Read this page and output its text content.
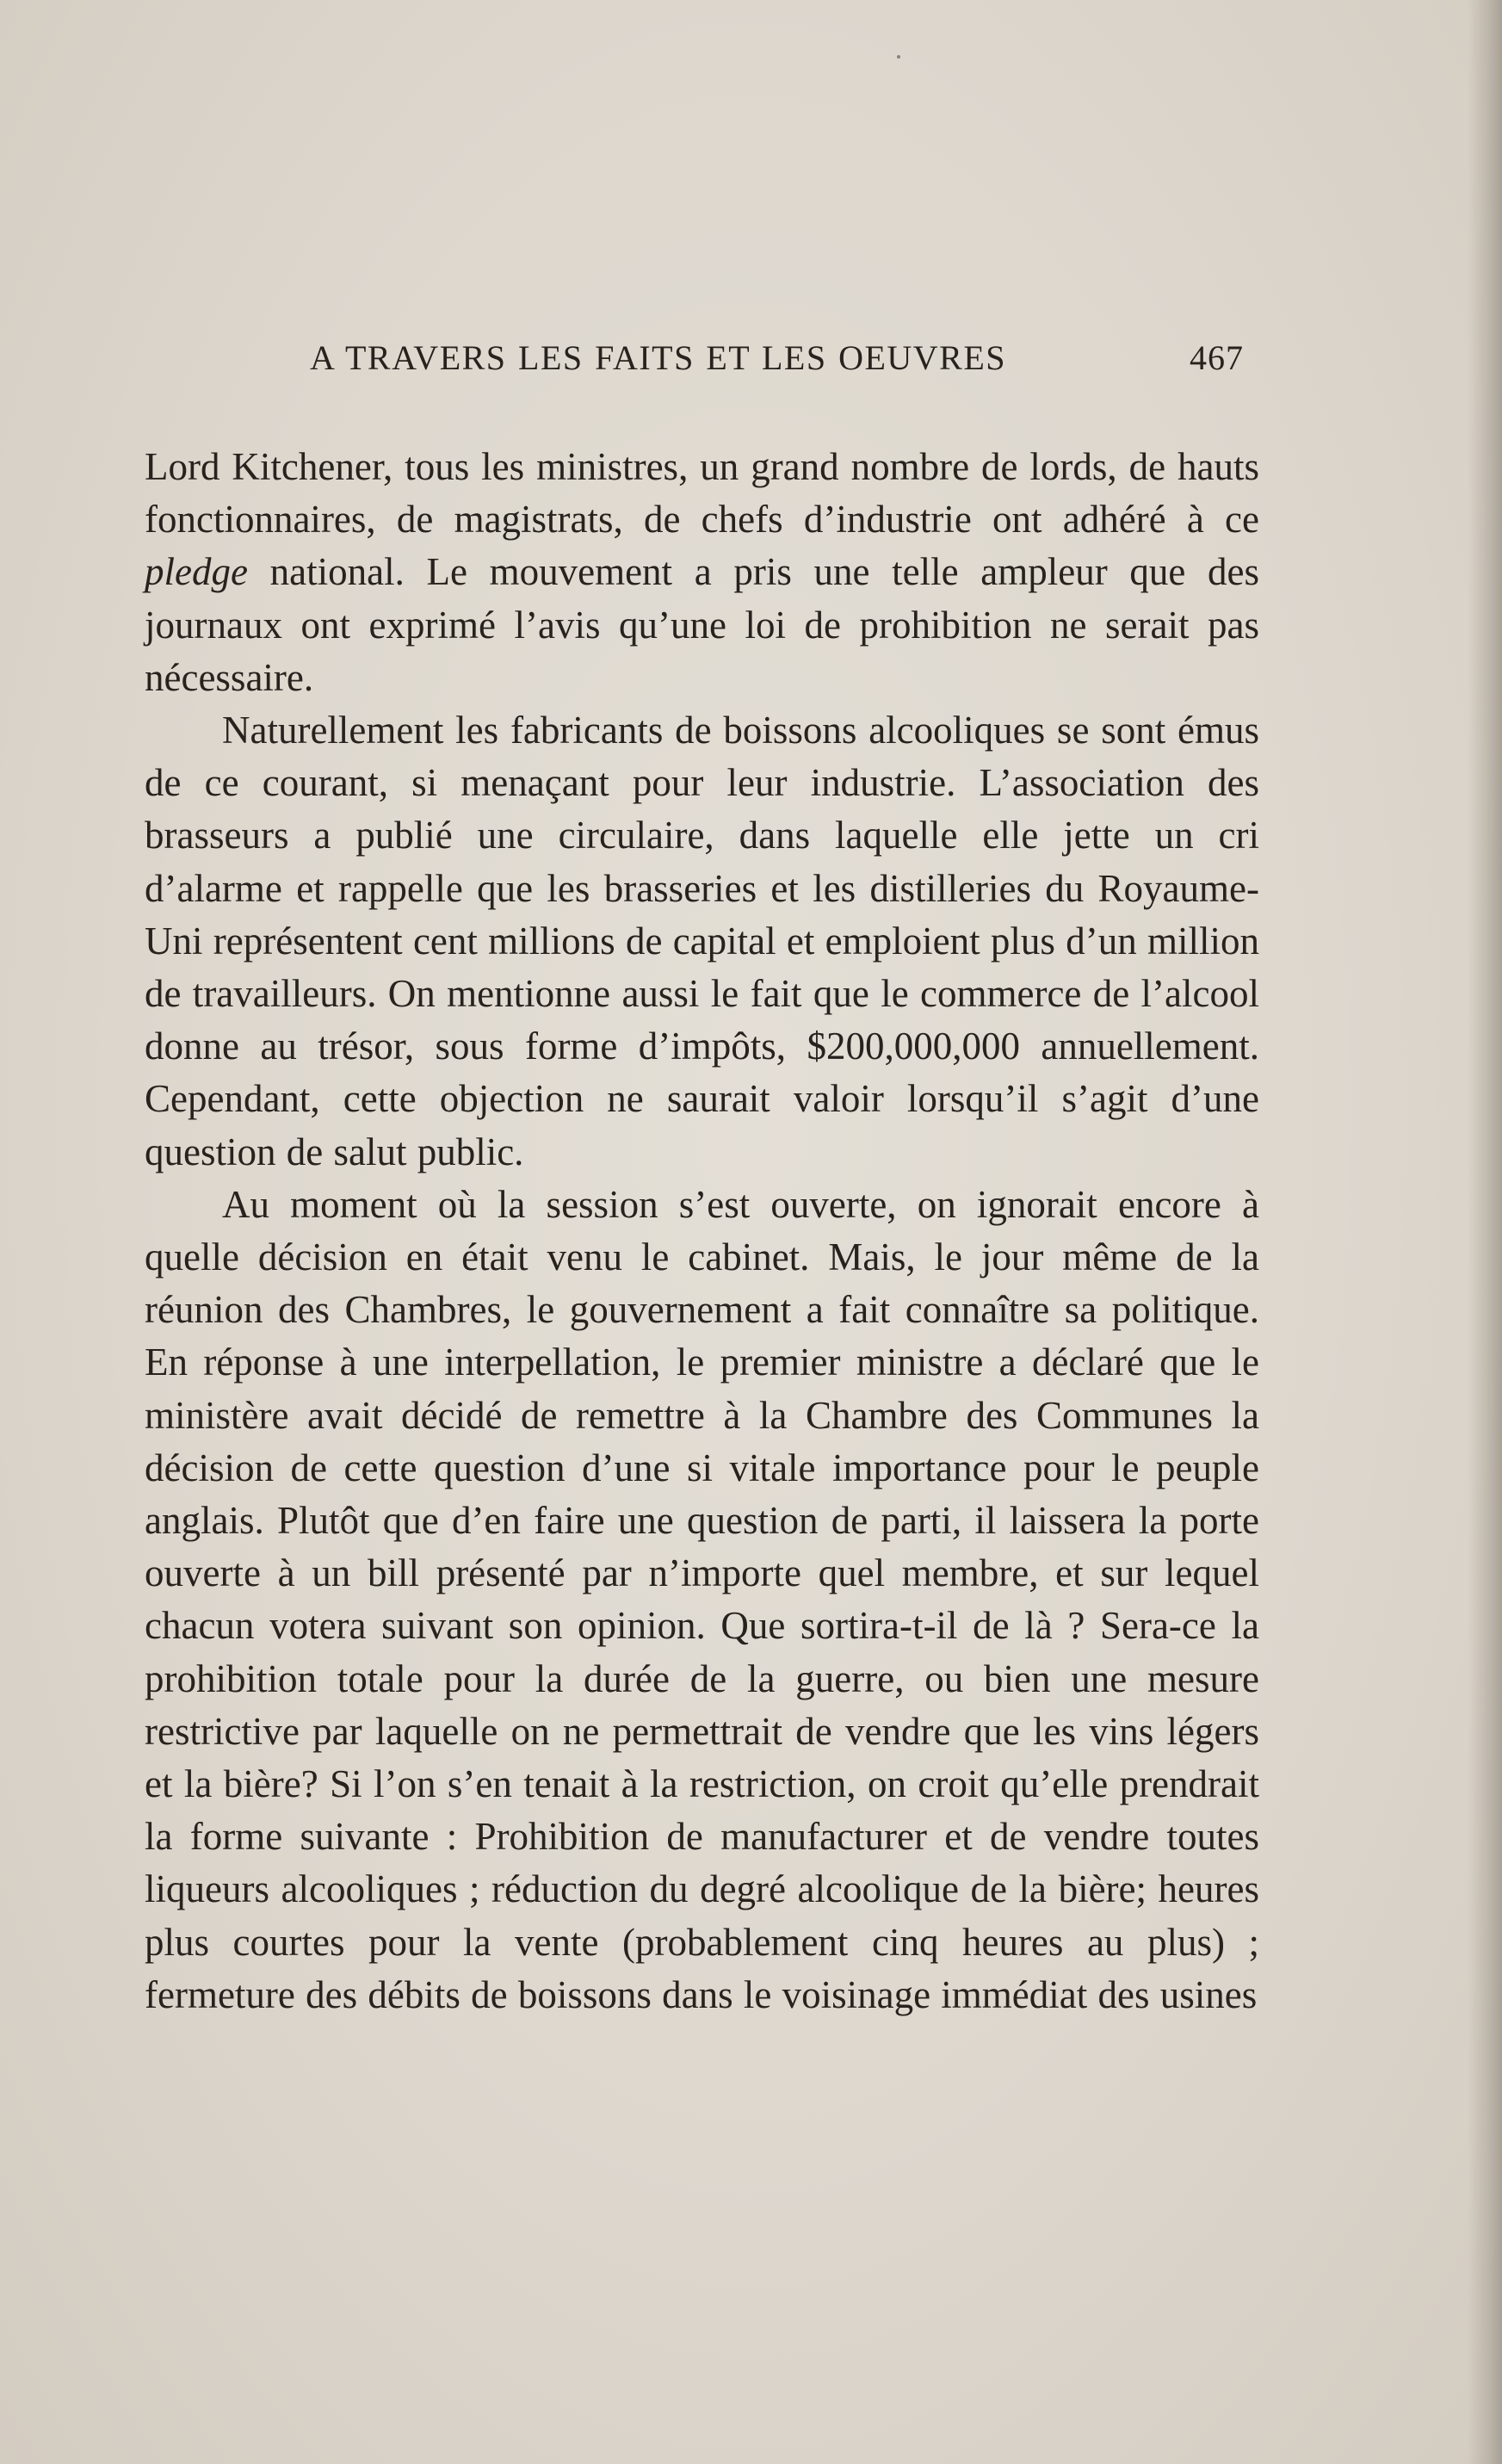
A TRAVERS LES FAITS ET LES OEUVRES	467

Lord Kitchener, tous les ministres, un grand nombre de lords, de hauts fonctionnaires, de magistrats, de chefs d’industrie ont adhéré à ce pledge national. Le mouvement a pris une telle ampleur que des journaux ont exprimé l’avis qu’une loi de prohibition ne serait pas nécessaire.

Naturellement les fabricants de boissons alcooliques se sont émus de ce courant, si menaçant pour leur industrie. L’association des brasseurs a publié une circulaire, dans laquelle elle jette un cri d’alarme et rappelle que les brasseries et les distilleries du Royaume-Uni représentent cent millions de capital et emploient plus d’un million de travailleurs. On mentionne aussi le fait que le commerce de l’alcool donne au trésor, sous forme d’impôts, $200,000,000 annuellement. Cependant, cette objection ne saurait valoir lorsqu’il s’agit d’une question de salut public.

Au moment où la session s’est ouverte, on ignorait encore à quelle décision en était venu le cabinet. Mais, le jour même de la réunion des Chambres, le gouvernement a fait connaître sa politique. En réponse à une interpellation, le premier ministre a déclaré que le ministère avait décidé de remettre à la Chambre des Communes la décision de cette question d’une si vitale importance pour le peuple anglais. Plutôt que d’en faire une question de parti, il laissera la porte ouverte à un bill présenté par n’importe quel membre, et sur lequel chacun votera suivant son opinion. Que sortira-t-il de là ? Sera-ce la prohibition totale pour la durée de la guerre, ou bien une mesure restrictive par laquelle on ne permettrait de vendre que les vins légers et la bière? Si l’on s’en tenait à la restriction, on croit qu’elle prendrait la forme suivante : Prohibition de manufacturer et de vendre toutes liqueurs alcooliques ; réduction du degré alcoolique de la bière; heures plus courtes pour la vente (probablement cinq heures au plus) ; fermeture des débits de boissons dans le voisinage immédiat des usines
